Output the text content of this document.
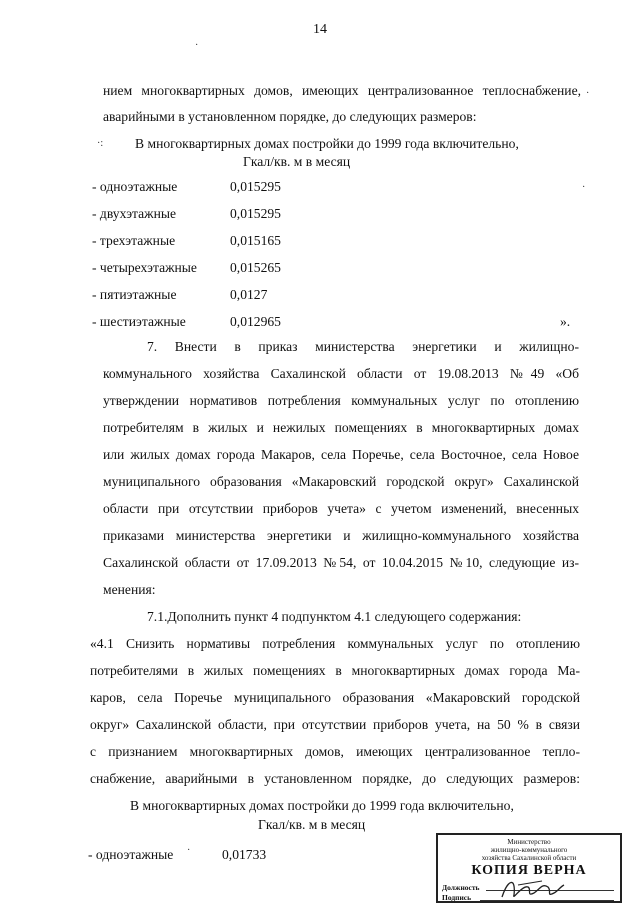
14
нием многоквартирных домов, имеющих централизованное теплоснабжение,
аварийными в установленном порядке, до следующих размеров:
В многоквартирных домах постройки до 1999 года включительно,
Гкал/кв. м в месяц
- одноэтажные	0,015295
- двухэтажные	0,015295
- трехэтажные	0,015165
- четырехэтажные 0,015265
- пятиэтажные	0,0127
- шестиэтажные	0,012965	».
7. Внести в приказ министерства энергетики и жилищно-
коммунального хозяйства Сахалинской области от 19.08.2013 №49 «Об
утверждении нормативов потребления коммунальных услуг по отоплению
потребителям в жилых и нежилых помещениях в многоквартирных домах
или жилых домах города Макаров, села Поречье, села Восточное, села Новое
муниципального образования «Макаровский городской округ» Сахалинской
области при отсутствии приборов учета» с учетом изменений, внесенных
приказами министерства энергетики и жилищно-коммунального хозяйства
Сахалинской области от 17.09.2013 №54, от 10.04.2015 №10, следующие из-
менения:
7.1.Дополнить пункт 4 подпунктом 4.1 следующего содержания:
«4.1 Снизить нормативы потребления коммунальных услуг по отоплению
потребителями в жилых помещениях в многоквартирных домах города Ма-
каров, села Поречье муниципального образования «Макаровский городской
округ» Сахалинской области, при отсутствии приборов учета, на 50 % в связи
с признанием многоквартирных домов, имеющих централизованное тепло-
снабжение, аварийными в установленном порядке, до следующих размеров:
В многоквартирных домах постройки до 1999 года включительно,
Гкал/кв. м в месяц
- одноэтажные	0,01733
·
·
·:
·
·
Министерство
жилищно-коммунального
хозяйства Сахалинской области
КОПИЯ ВЕРНА
Должность
Подпись
